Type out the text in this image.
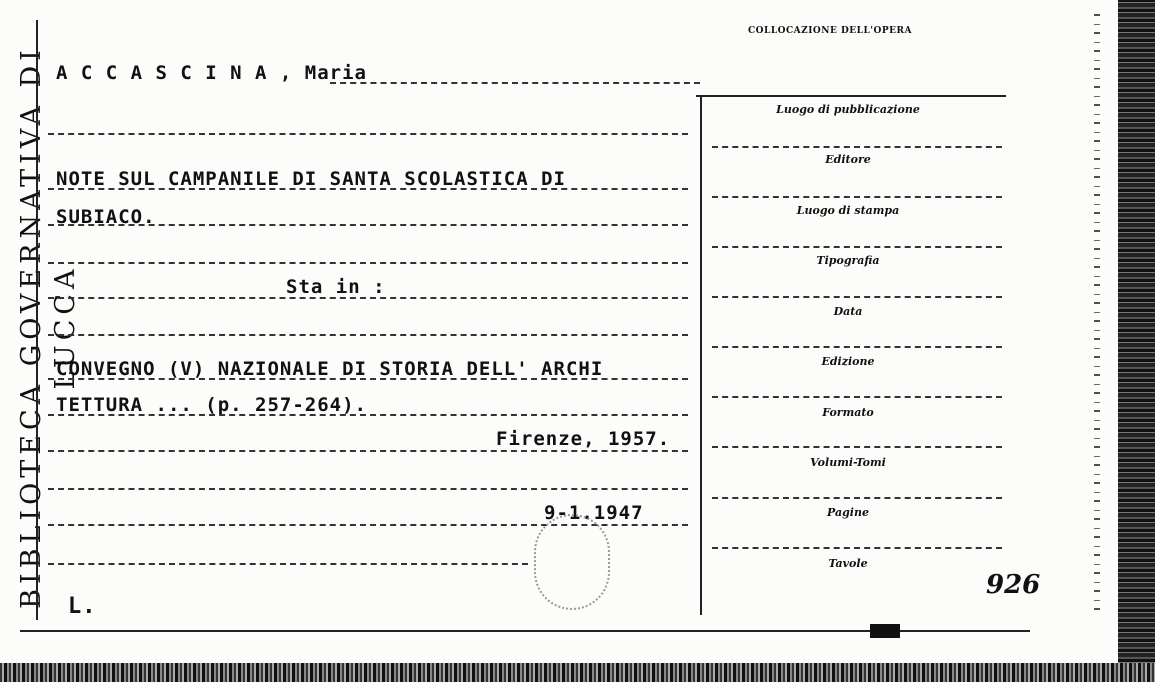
BIBLIOTECA GOVERNATIVA DI LUCCA
COLLOCAZIONE DELL'OPERA
A C C A S C I N A , Maria
NOTE SUL CAMPANILE DI SANTA SCOLASTICA DI
SUBIACO.
Sta in :
CONVEGNO (V) NAZIONALE DI STORIA DELL' ARCHI
TETTURA ... (p. 257-264).
Firenze, 1957.
9-1.1947
L.
Luogo di pubblicazione
Editore
Luogo di stampa
Tipografia
Data
Edizione
Formato
Volumi-Tomi
Pagine
Tavole
926
